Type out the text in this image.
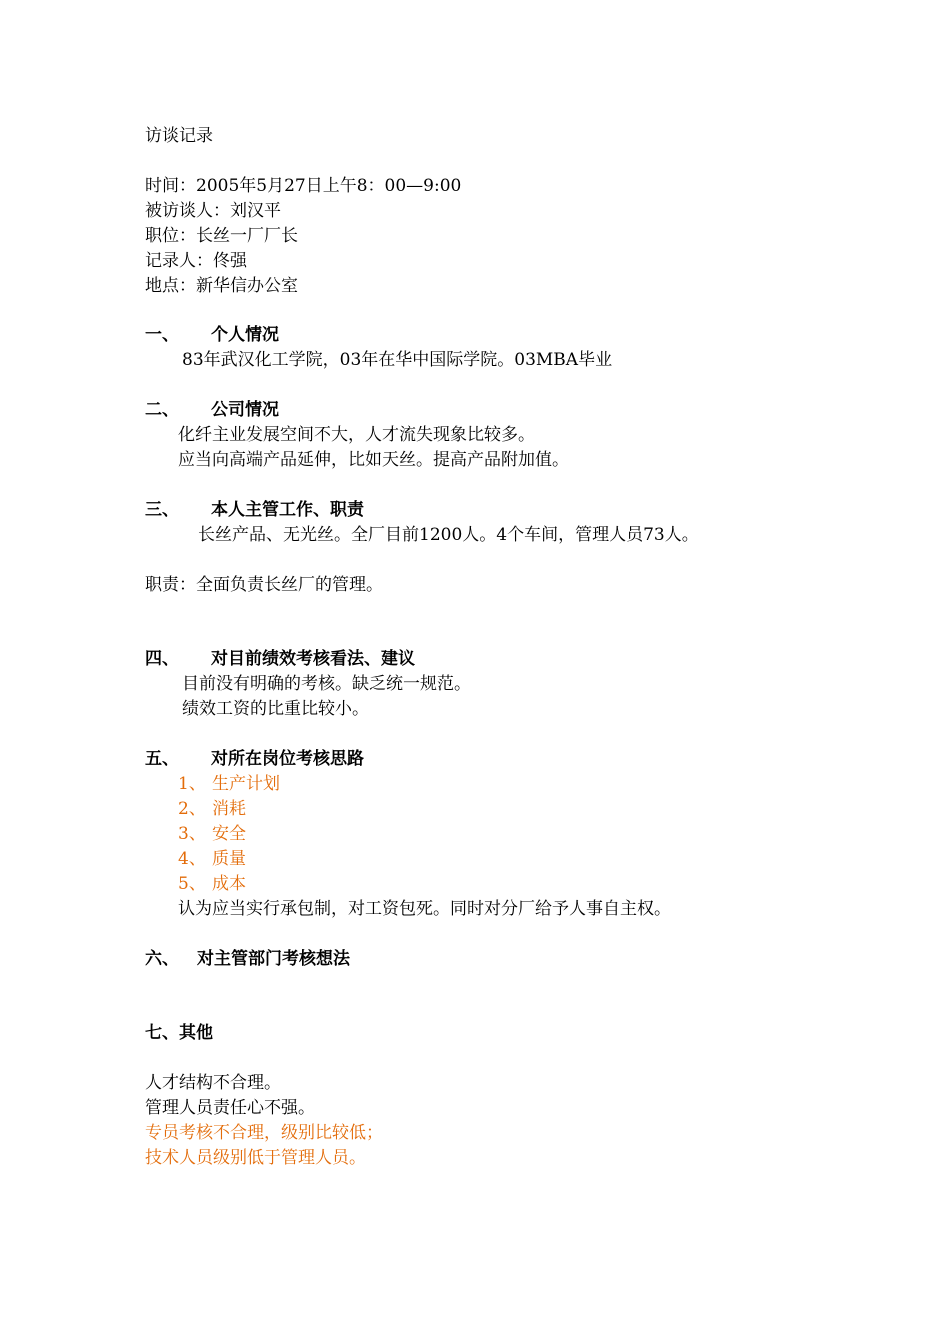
访谈记录
时间：2005年5月27日上午8：00—9:00
被访谈人：刘汉平
职位：长丝一厂厂长
记录人：佟强
地点：新华信办公室
一、 个人情况
83年武汉化工学院，03年在华中国际学院。03MBA毕业
二、 公司情况
化纤主业发展空间不大，人才流失现象比较多。
应当向高端产品延伸，比如天丝。提高产品附加值。
三、 本人主管工作、职责
长丝产品、无光丝。全厂目前1200人。4个车间，管理人员73人。
职责：全面负责长丝厂的管理。
四、 对目前绩效考核看法、建议
目前没有明确的考核。缺乏统一规范。
绩效工资的比重比较小。
五、 对所在岗位考核思路
1、 生产计划
2、 消耗
3、 安全
4、 质量
5、 成本
认为应当实行承包制，对工资包死。同时对分厂给予人事自主权。
六、 对主管部门考核想法
七、其他
人才结构不合理。
管理人员责任心不强。
专员考核不合理，级别比较低；
技术人员级别低于管理人员。
